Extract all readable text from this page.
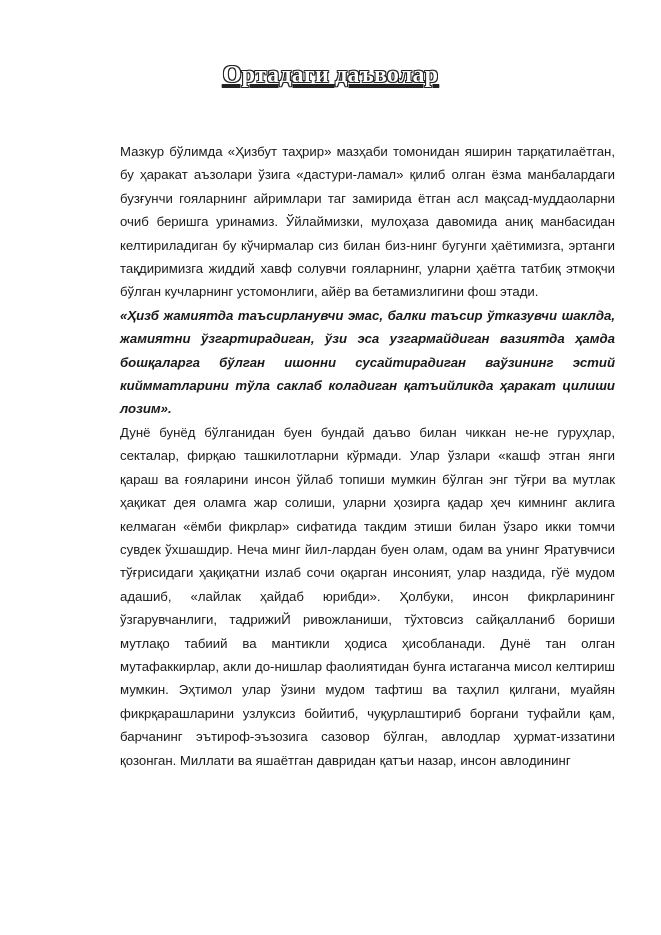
Ортадаги даъволар

Мазкур бўлимда «Ҳизбут таҳрир» мазҳаби томонидан яширин тарқатилаётган, бу ҳаракат аъзолари ўзига «дастури-ламал» қилиб олган ёзма манбалардаги бузғунчи гояларнинг айримлари таг замирида ётган асл мақсад-муддаоларни очиб беришга уринамиз. Ўйлаймизки, мулоҳаза давомида аниқ манбасидан келтириладиган бу кўчирмалар сиз билан биз-нинг бугунги ҳаётимизга, эртанги тақдиримизга жиддий хавф солувчи гояларнинг, уларни ҳаётга татбиқ этмоқчи бўлган кучларнинг устомонлиги, айёр ва бетамизлигини фош этади.

«Ҳизб жамиятда таъсирланувчи эмас, балки таъсир ўтказувчи шаклда, жамиятни ўзгартирадиган, ўзи эса узгармайдиган вазиятда ҳамда бошқаларга бўлган ишонни сусайтирадиган ваўзининг эстий киймматларини тўла саклаб коладиган қатъийликда ҳаракат цилиши лозим».

Дунё бунёд бўлганидан буен бундай даъво билан чиккан не-не гуруҳлар, секталар, фирқаю ташкилотларни кўрмади. Улар ўзлари «кашф этган янги қараш ва ғояларини инсон ўйлаб топиши мумкин бўлган энг тўғри ва мутлак ҳақикат дея оламга жар солиши, уларни ҳозирга қадар ҳеч кимнинг аклига келмаган «ёмби фикрлар» сифатида такдим этиши билан ўзаро икки томчи сувдек ўхшашдир. Неча минг йил-лардан буен олам, одам ва унинг Яратувчиси тўғрисидаги ҳақиқатни излаб сочи оқарган инсоният, улар наздида, гўё мудом адашиб, «лайлак ҳайдаб юрибди». Ҳолбуки, инсон фикрларининг ўзгарувчанлиги, тадрижиЙ ривожланиши, тўхтовсиз сайқалланиб бориши мутлақо табиий ва мантикли ҳодиса ҳисобланади. Дунё тан олган мутафаккирлар, акли до-нишлар фаолиятидан бунга истаганча мисол келтириш мумкин. Эҳтимол улар ўзини мудом тафтиш ва таҳлил қилгани, муайян фикрқарашларини узлуксиз бойитиб, чуқурлаштириб боргани туфайли қам, барчанинг эътироф-эъзозига сазовор бўлган, авлодлар ҳурмат-иззатини қозонган. Миллати ва яшаётган давридан қатъи назар, инсон авлодининг
